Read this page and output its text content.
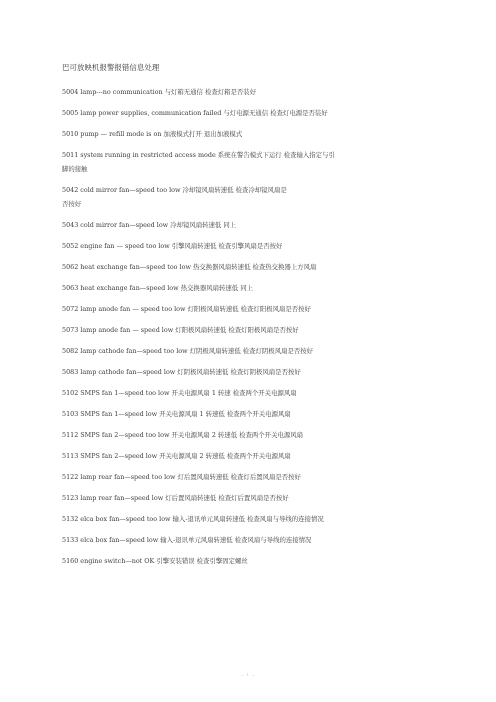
巴可放映机报警报错信息处理
5004 lamp---no communication 与灯箱无通信 检查灯箱是否装好
5005 lamp power supplies, communication failed 与灯电源无通信 检查灯电源是否装好
5010 pump — refill mode is on 加液模式打开 退出加液模式
5011 system running in restricted access mode 系统在警告模式下运行 检查输入指定与引
脚的接触
5042 cold mirror fan—speed too low 冷却镜风扇转速低 检查冷却镜风扇是
否按好
5043 cold mirror fan—speed low 冷却镜风扇转速低 同上
5052 engine fan — speed too low 引擎风扇转速低 检查引擎风扇是否按好
5062 heat exchange fan—speed too low 热交换器风扇转速低 检查热交换器上方风扇
5063 heat exchange fan—speed low 热交换器风扇转速低 同上
5072 lamp anode fan — speed too low 灯阳极风扇转速低 检查灯阳极风扇是否按好
5073 lamp anode fan — speed low 灯阳极风扇转速低 检查灯阳极风扇是否按好
5082 lamp cathode fan—speed too low 灯阴极风扇转速低 检查灯阴极风扇是否按好
5083 lamp cathode fan—speed low 灯阴极风扇转速低 检查灯阴极风扇是否按好
5102 SMPS fan 1—speed too low 开关电源风扇 1 转速 检查两个开关电源风扇
5103 SMPS fan 1—speed low 开关电源风扇 1 转速低 检查两个开关电源风扇
5112 SMPS fan 2—speed too low 开关电源风扇 2 转速低 检查两个开关电源风扇
5113 SMPS fan 2—speed low 开关电源风扇 2 转速低 检查两个开关电源风扇
5122 lamp rear fan—speed too low 灯后置风扇转速低 检查灯后置风扇是否按好
5123 lamp rear fan—speed low 灯后置风扇转速低 检查灯后置风扇是否按好
5132 elca box fan—speed too low 输入-退讯单元风扇转速低 检查风扇与导线的连接情况
5133 elca box fan—speed low 输入-退讯单元风扇转速低 检查风扇与导线的连接情况
5160 engine switch—not OK 引擎安装错误 检查引擎固定螺丝
— 1 —
